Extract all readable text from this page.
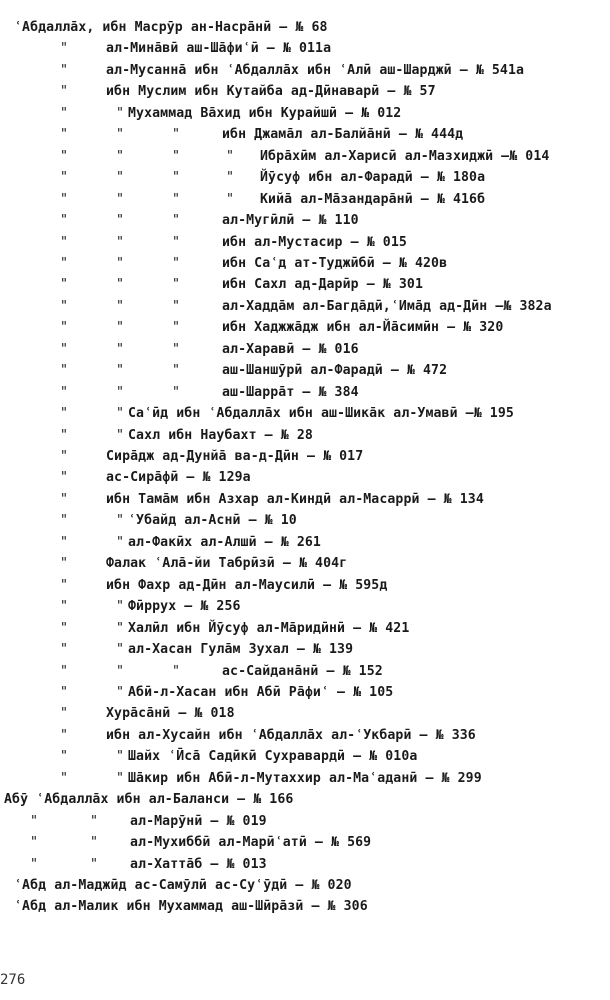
ʿАбдаллāх, ибн Масрӯр ан-Насрāнӣ – № 68
"	ал-Минāвӣ аш-Шāфиʿӣ – № 011а
"	ал-Мусаннā ибн ʿАбдаллāх ибн ʿАлӣ аш-Шарджӣ – № 541а
"	ибн Муслим ибн Кутайба ад-Дӣнаварӣ – № 57
"	" Мухаммад Вāхид ибн Курайшӣ – № 012
"	"	"	ибн Джамāл ал-Балйāнӣ – № 444д
"	"	"	" Ибрāхӣм ал-Харисӣ ал-Мазхиджӣ –№ 014
"	"	"	" Йӯсуф ибн ал-Фарадӣ – № 180а
"	"	"	" Кийā ал-Мāзандарāнӣ – № 416б
"	"	"	ал-Мугӣлӣ – № 110
"	"	"	ибн ал-Мустасир – № 015
"	"	"	ибн Саʿд ат-Туджӣбӣ – № 420в
"	"	"	ибн Сахл ад-Дарӣр – № 301
"	"	"	ал-Хаддāм ал-Багдāдӣ,ʿИмāд ад-Дӣн –№ 382а
"	"	"	ибн Хаджжāдж ибн ал-Йāсимӣн – № 320
"	"	"	ал-Харавӣ – № 016
"	"	"	аш-Шаншӯрӣ ал-Фарадӣ – № 472
"	"	"	аш-Шаррāт – № 384
"	" Саʿӣд ибн ʿАбдаллāх ибн аш-Шикāк ал-Умавӣ –№ 195
"	" Сахл ибн Наубахт – № 28
"	Сирāдж ад-Дунйā ва-д-Дӣн – № 017
"	ас-Сирāфӣ – № 129а
"	ибн Тамāм ибн Азхар ал-Киндӣ ал-Масаррӣ – № 134
"	" ʿУбайд ал-Аснӣ – № 10
"	" ал-Факӣх ал-Алшӣ – № 261
"	Фалак ʿАлā-йи Табрӣзӣ – № 404г
"	ибн Фахр ад-Дӣн ал-Маусилӣ – № 595д
"	" Фӣррух – № 256
"	" Халӣл ибн Йӯсуф ал-Мāридӣнӣ – № 421
"	" ал-Хасан Гулāм Зухал – № 139
"	"	"	ас-Сайданāнӣ – № 152
"	" Абӣ-л-Хасан ибн Абӣ Рāфиʿ – № 105
"	Хурāсāнӣ – № 018
"	ибн ал-Хусайн ибн ʿАбдаллāх ал-ʿУкбарӣ – № 336
"	" Шайх ʿӢсā Садӣкӣ Сухравардӣ – № 010а
"	" Шāкир ибн Абӣ-л-Мутаххир ал-Маʿаданӣ – № 299
Абӯ ʿАбдаллāх ибн ал-Баланси – № 166
"	" ал-Марӯнӣ – № 019
"	" ал-Мухиббӣ ал-Марӣʿатӣ – № 569
"	" ал-Хаттāб – № 013
ʿАбд ал-Маджӣд ас-Самӯлӣ ас-Суʿӯдӣ – № 020
ʿАбд ал-Малик ибн Мухаммад аш-Шӣрāзӣ – № 306
276
